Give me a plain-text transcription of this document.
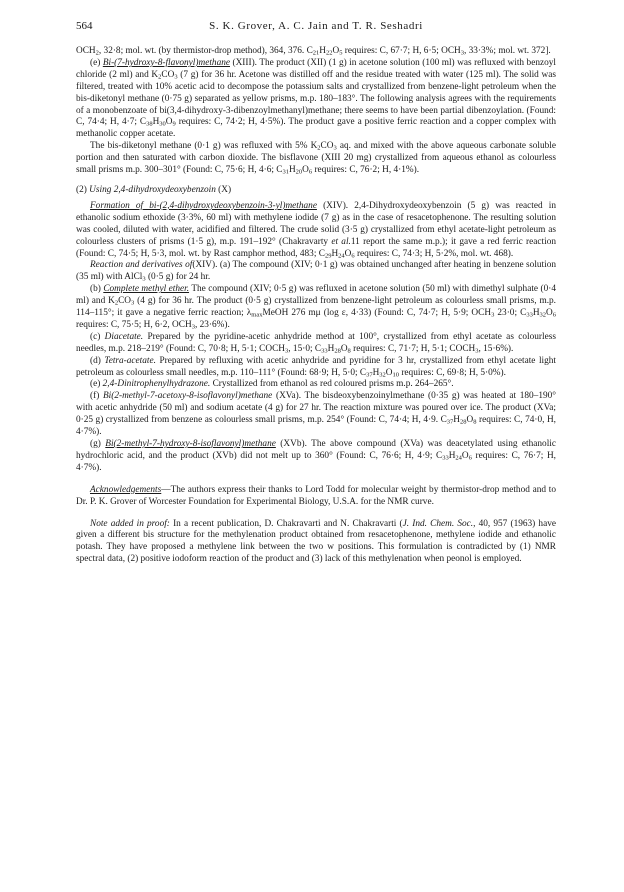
564	S. K. Grover, A. C. Jain and T. R. Seshadri

$OCH_2$, 32·8; mol. wt. (by thermistor-drop method), 364, 376. $C_{21}H_{22}O_5$ requires: C, 67·7; H, 6·5; $OCH_3$, 33·3%; mol. wt. 372].

(e) Bi-(7-hydroxy-8-flavonyl)methane (XIII). The product (XII) (1 g) in acetone solution (100 ml) was refluxed with benzoyl chloride (2 ml) and $K_2CO_3$ (7 g) for 36 hr. Acetone was distilled off and the residue treated with water (125 ml). The solid was filtered, treated with 10% acetic acid to decompose the potassium salts and crystallized from benzene-light petroleum when the bis-diketonyl methane (0·75 g) separated as yellow prisms, m.p. 180–183°. The following analysis agrees with the requirements of a monobenzoate of bi(3,4-dihydroxy-3-dibenzoylmethanyl)methane; there seems to have been partial dibenzoylation. (Found: C, 74·4; H, 4·7; $C_{38}H_{30}O_9$ requires: C, 74·2; H, 4·5%). The product gave a positive ferric reaction and a copper complex with methanolic copper acetate.

The bis-diketonyl methane (0·1 g) was refluxed with 5% $K_2CO_3$ aq. and mixed with the above aqueous carbonate soluble portion and then saturated with carbon dioxide. The bisflavone (XIII 20 mg) crystallized from aqueous ethanol as colourless small prisms m.p. 300–301° (Found: C, 75·6; H, 4·6; $C_{31}H_{20}O_6$ requires: C, 76·2; H, 4·1%).

(2) Using 2,4-dihydroxydeoxybenzoin (X)

Formation of bi-(2,4-dihydroxydeoxybenzoin-3-yl)methane (XIV). 2,4-Dihydroxydeoxybenzoin (5 g) was reacted in ethanolic sodium ethoxide (3·3%, 60 ml) with methylene iodide (7 g) as in the case of resacetophenone. The resulting solution was cooled, diluted with water, acidified and filtered. The crude solid (3·5 g) crystallized from ethyl acetate-light petroleum as colourless clusters of prisms (1·5 g), m.p. 191–192° (Chakravarty et al.11 report the same m.p.); it gave a red ferric reaction (Found: C, 74·5; H, 5·3, mol. wt. by Rast camphor method, 483; $C_{29}H_{24}O_6$ requires: C, 74·3; H, 5·2%, mol. wt. 468).

Reaction and derivatives of(XIV). (a) The compound (XIV; 0·1 g) was obtained unchanged after heating in benzene solution (35 ml) with AlCl$_3$ (0·5 g) for 24 hr.

(b) Complete methyl ether. The compound (XIV; 0·5 g) was refluxed in acetone solution (50 ml) with dimethyl sulphate (0·4 ml) and $K_2CO_3$ (4 g) for 36 hr. The product (0·5 g) crystallized from benzene-light petroleum as colourless small prisms, m.p. 114–115°; it gave a negative ferric reaction; $\lambda_{max}MeOH$ 276 mμ (log ε, 4·33) (Found: C, 74·7; H, 5·9; $OCH_3$ 23·0; $C_{33}H_{32}O_6$ requires: C, 75·5; H, 6·2, $OCH_3$, 23·6%).

(c) Diacetate. Prepared by the pyridine-acetic anhydride method at 100°, crystallized from ethyl acetate as colourless needles, m.p. 218–219° (Found: C, 70·8; H, 5·1; $COCH_3$, 15·0; $C_{33}H_{28}O_8$ requires: C, 71·7; H, 5·1; $COCH_3$, 15·6%).

(d) Tetra-acetate. Prepared by refluxing with acetic anhydride and pyridine for 3 hr, crystallized from ethyl acetate light petroleum as colourless small needles, m.p. 110–111° (Found: 68·9; H, 5·0; $C_{37}H_{32}O_{10}$ requires: C, 69·8; H, 5·0%).

(e) 2,4-Dinitrophenylhydrazone. Crystallized from ethanol as red coloured prisms m.p. 264–265°.

(f) Bi(2-methyl-7-acetoxy-8-isoflavonyl)methane (XVa). The bisdeoxybenzoinylmethane (0·35 g) was heated at 180–190° with acetic anhydride (50 ml) and sodium acetate (4 g) for 27 hr. The reaction mixture was poured over ice. The product (XVa; 0·25 g) crystallized from benzene as colourless small prisms, m.p. 254° (Found: C, 74·4; H, 4·9. $C_{37}H_{28}O_8$ requires: C, 74·0, H, 4·7%).

(g) Bi(2-methyl-7-hydroxy-8-isoflavonyl)methane (XVb). The above compound (XVa) was deacetylated using ethanolic hydrochloric acid, and the product (XVb) did not melt up to 360° (Found: C, 76·6; H, 4·9; $C_{33}H_{24}O_6$ requires: C, 76·7; H, 4·7%).

Acknowledgements—The authors express their thanks to Lord Todd for molecular weight by thermistor-drop method and to Dr. P. K. Grover of Worcester Foundation for Experimental Biology, U.S.A. for the NMR curve.

Note added in proof: In a recent publication, D. Chakravarti and N. Chakravarti (J. Ind. Chem. Soc., 40, 957 (1963) have given a different bis structure for the methylenation product obtained from resacetophenone, methylene iodide and ethanolic potash. They have proposed a methylene link between the two w positions. This formulation is contradicted by (1) NMR spectral data, (2) positive iodoform reaction of the product and (3) lack of this methylenation when peonol is employed.
